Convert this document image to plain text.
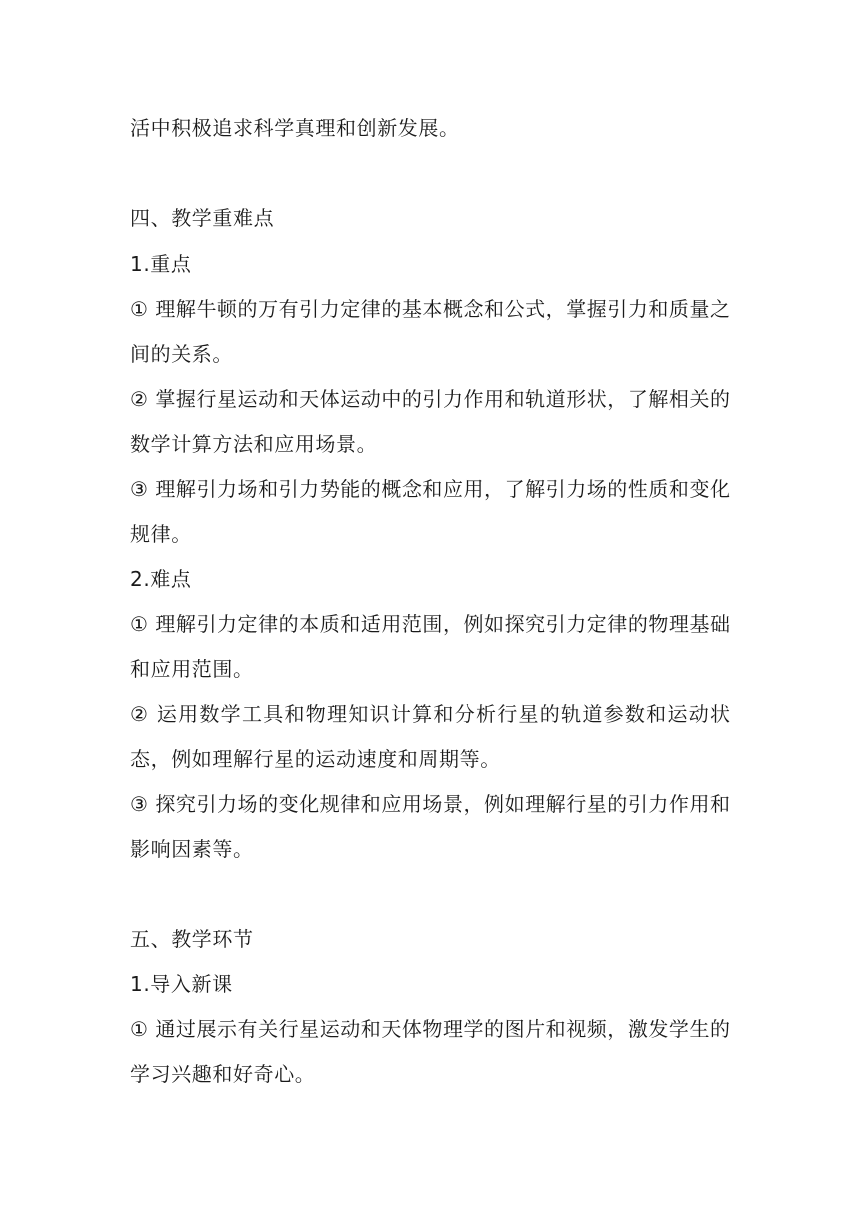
活中积极追求科学真理和创新发展。
四、教学重难点
1.重点
① 理解牛顿的万有引力定律的基本概念和公式，掌握引力和质量之
间的关系。
② 掌握行星运动和天体运动中的引力作用和轨道形状，了解相关的
数学计算方法和应用场景。
③ 理解引力场和引力势能的概念和应用，了解引力场的性质和变化
规律。
2.难点
① 理解引力定律的本质和适用范围，例如探究引力定律的物理基础
和应用范围。
② 运用数学工具和物理知识计算和分析行星的轨道参数和运动状
态，例如理解行星的运动速度和周期等。
③ 探究引力场的变化规律和应用场景，例如理解行星的引力作用和
影响因素等。
五、教学环节
1.导入新课
① 通过展示有关行星运动和天体物理学的图片和视频，激发学生的
学习兴趣和好奇心。
